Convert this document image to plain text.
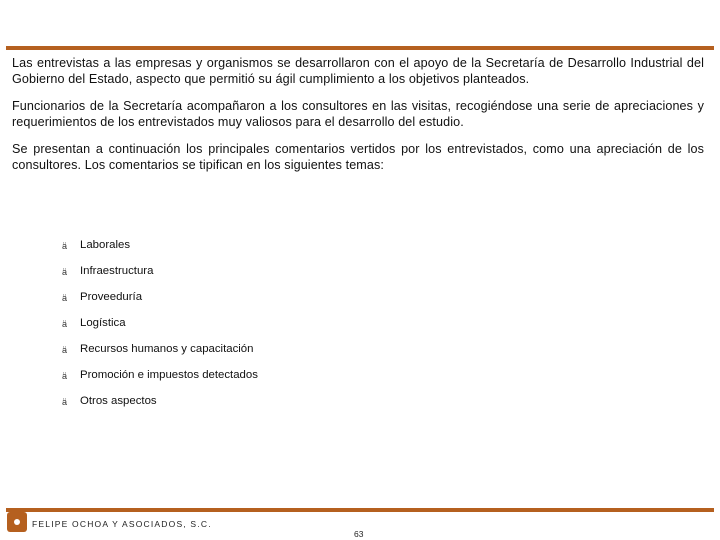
Las entrevistas a las empresas y organismos se desarrollaron con el apoyo de la Secretaría de Desarrollo Industrial del Gobierno del Estado, aspecto que permitió su ágil cumplimiento a los objetivos planteados.

Funcionarios de la Secretaría acompañaron a los consultores en las visitas, recogiéndose una serie de apreciaciones y requerimientos de los entrevistados muy valiosos para el desarrollo del estudio.

Se presentan a continuación los principales comentarios vertidos por los entrevistados, como una apreciación de los consultores. Los comentarios se tipifican en los siguientes temas:

ä	Laborales
ä	Infraestructura
ä	Proveeduría
ä	Logística
ä	Recursos humanos y capacitación
ä	Promoción e impuestos detectados
ä	Otros aspectos
FELIPE OCHOA Y ASOCIADOS, S.C.
63
